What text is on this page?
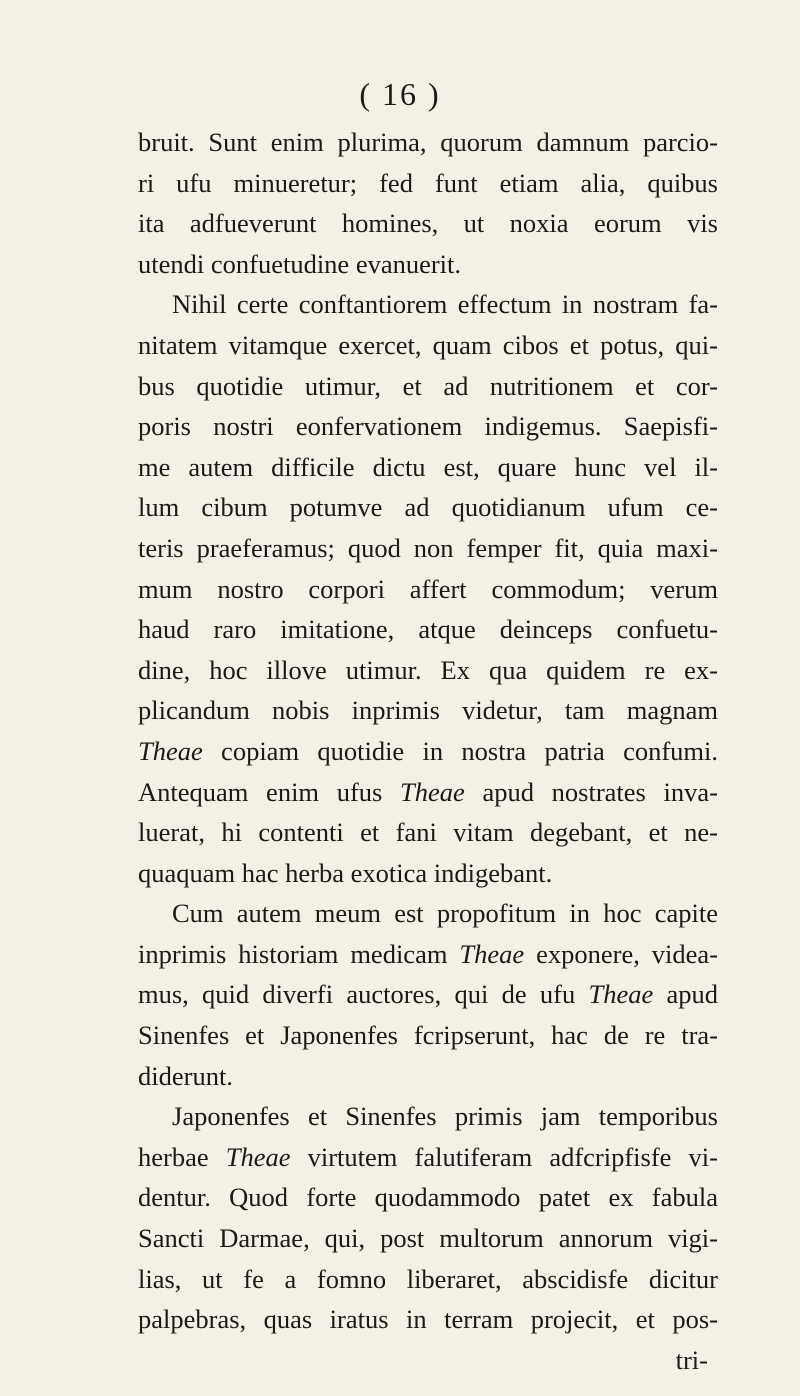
( 16 )
bruit. Sunt enim plurima, quorum damnum parcio-
ri ufu minueretur; fed funt etiam alia, quibus
ita adfueverunt homines, ut noxia eorum vis
utendi confuetudine evanuerit.
Nihil certe conftantiorem effectum in nostram fa-
nitatem vitamque exercet, quam cibos et potus, qui-
bus quotidie utimur, et ad nutritionem et cor-
poris nostri eonfervationem indigemus. Saepisfi-
me autem difficile dictu est, quare hunc vel il-
lum cibum potumve ad quotidianum ufum ce-
teris praeferamus; quod non femper fit, quia maxi-
mum nostro corpori affert commodum; verum
haud raro imitatione, atque deinceps confuetu-
dine, hoc illove utimur. Ex qua quidem re ex-
plicandum nobis inprimis videtur, tam magnam
Theae copiam quotidie in nostra patria confumi.
Antequam enim ufus Theae apud nostrates inva-
luerat, hi contenti et fani vitam degebant, et ne-
quaquam hac herba exotica indigebant.
Cum autem meum est propofitum in hoc capite
inprimis historiam medicam Theae exponere, videa-
mus, quid diverfi auctores, qui de ufu Theae apud
Sinenfes et Japonenfes fcripserunt, hac de re tra-
diderunt.
Japonenfes et Sinenfes primis jam temporibus
herbae Theae virtutem falutiferam adfcripfisfe vi-
dentur. Quod forte quodammodo patet ex fabula
Sancti Darmae, qui, post multorum annorum vigi-
lias, ut fe a fomno liberaret, abscidisfe dicitur
palpebras, quas iratus in terram projecit, et pos-
tri-
